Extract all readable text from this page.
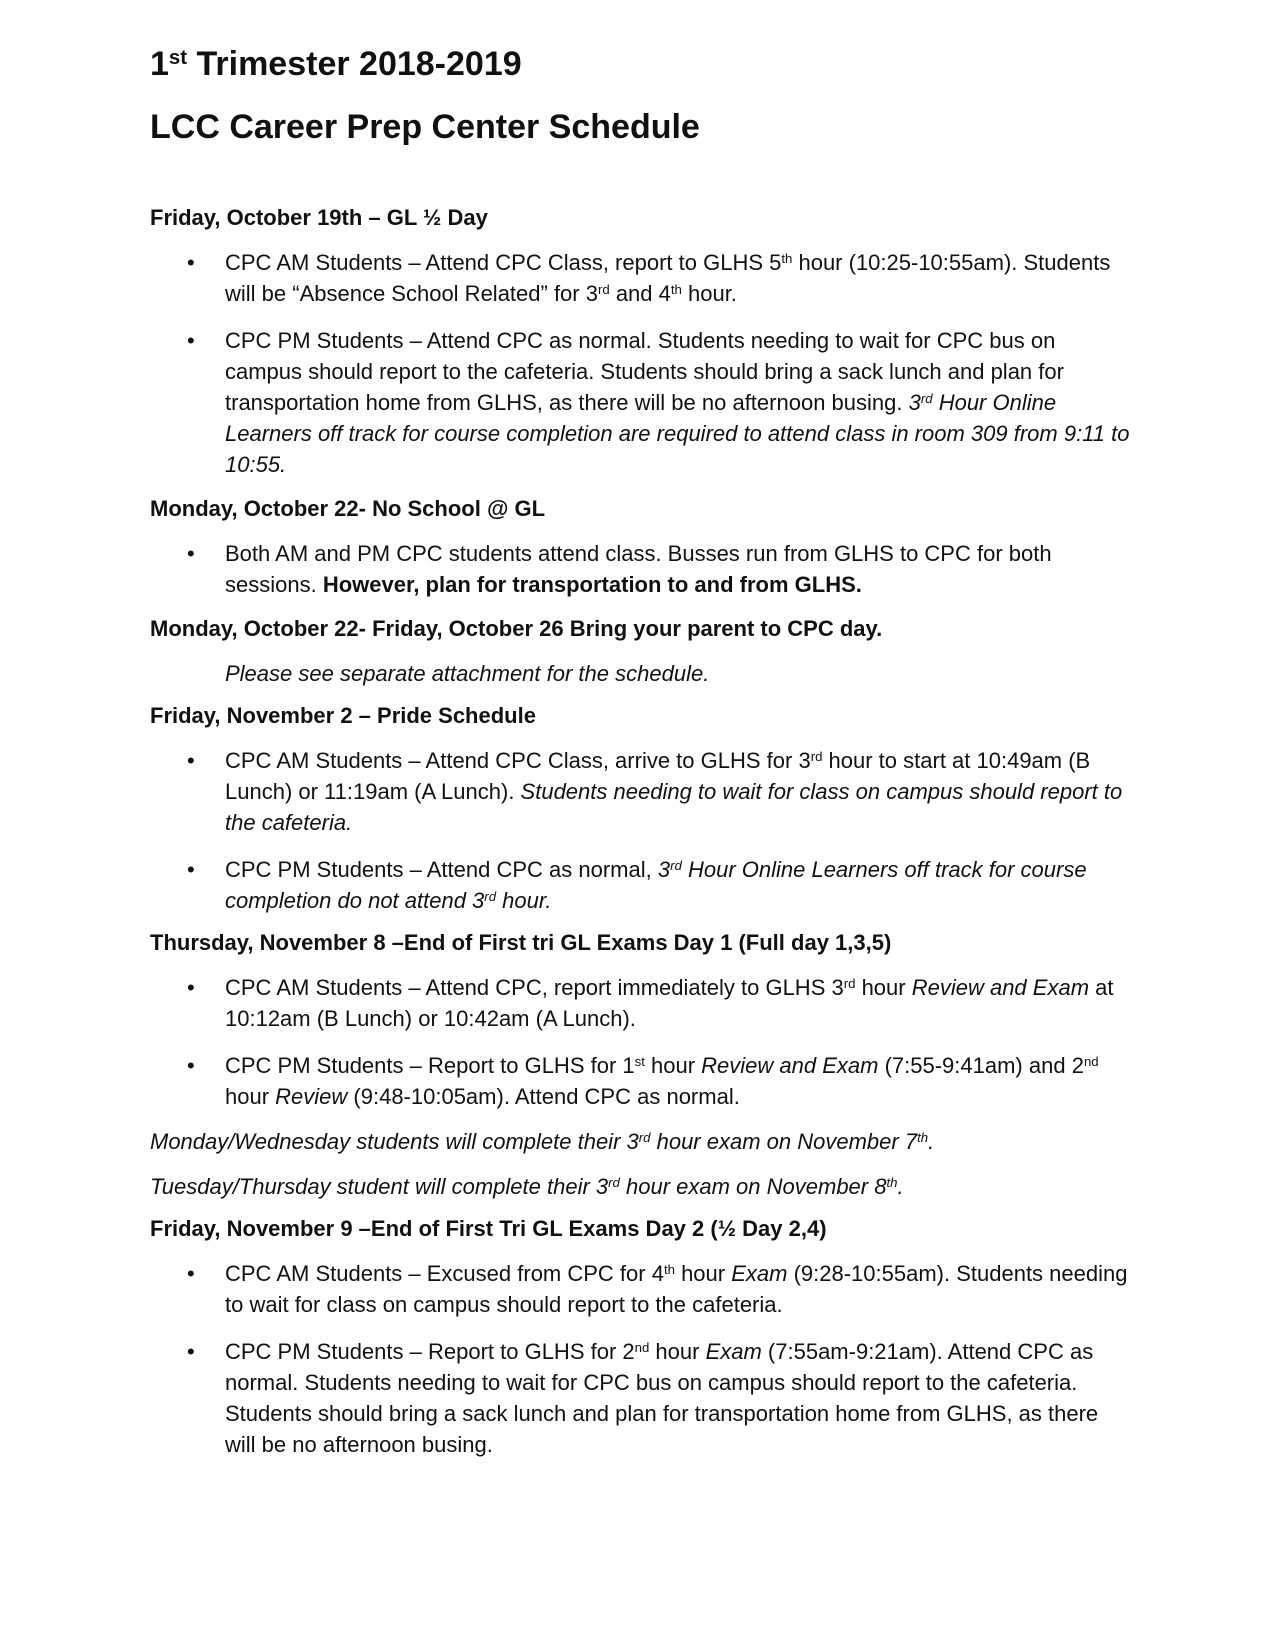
1st Trimester 2018-2019
LCC Career Prep Center Schedule

Friday, October 19th – GL ½ Day

• CPC AM Students – Attend CPC Class, report to GLHS 5th hour (10:25-10:55am). Students will be “Absence School Related” for 3rd and 4th hour.
• CPC PM Students – Attend CPC as normal. Students needing to wait for CPC bus on campus should report to the cafeteria. Students should bring a sack lunch and plan for transportation home from GLHS, as there will be no afternoon busing. 3rd Hour Online Learners off track for course completion are required to attend class in room 309 from 9:11 to 10:55.

Monday, October 22- No School @ GL

• Both AM and PM CPC students attend class. Busses run from GLHS to CPC for both sessions. However, plan for transportation to and from GLHS.

Monday, October 22- Friday, October 26 Bring your parent to CPC day.

Please see separate attachment for the schedule.

Friday, November 2 – Pride Schedule

• CPC AM Students – Attend CPC Class, arrive to GLHS for 3rd hour to start at 10:49am (B Lunch) or 11:19am (A Lunch). Students needing to wait for class on campus should report to the cafeteria.
• CPC PM Students – Attend CPC as normal, 3rd Hour Online Learners off track for course completion do not attend 3rd hour.

Thursday, November 8 –End of First tri GL Exams Day 1 (Full day 1,3,5)

• CPC AM Students – Attend CPC, report immediately to GLHS 3rd hour Review and Exam at 10:12am (B Lunch) or 10:42am (A Lunch).
• CPC PM Students – Report to GLHS for 1st hour Review and Exam (7:55-9:41am) and 2nd hour Review (9:48-10:05am). Attend CPC as normal.

Monday/Wednesday students will complete their 3rd hour exam on November 7th.

Tuesday/Thursday student will complete their 3rd hour exam on November 8th.

Friday, November 9 –End of First Tri GL Exams Day 2 (½ Day 2,4)

• CPC AM Students – Excused from CPC for 4th hour Exam (9:28-10:55am). Students needing to wait for class on campus should report to the cafeteria.
• CPC PM Students – Report to GLHS for 2nd hour Exam (7:55am-9:21am). Attend CPC as normal. Students needing to wait for CPC bus on campus should report to the cafeteria. Students should bring a sack lunch and plan for transportation home from GLHS, as there will be no afternoon busing.
